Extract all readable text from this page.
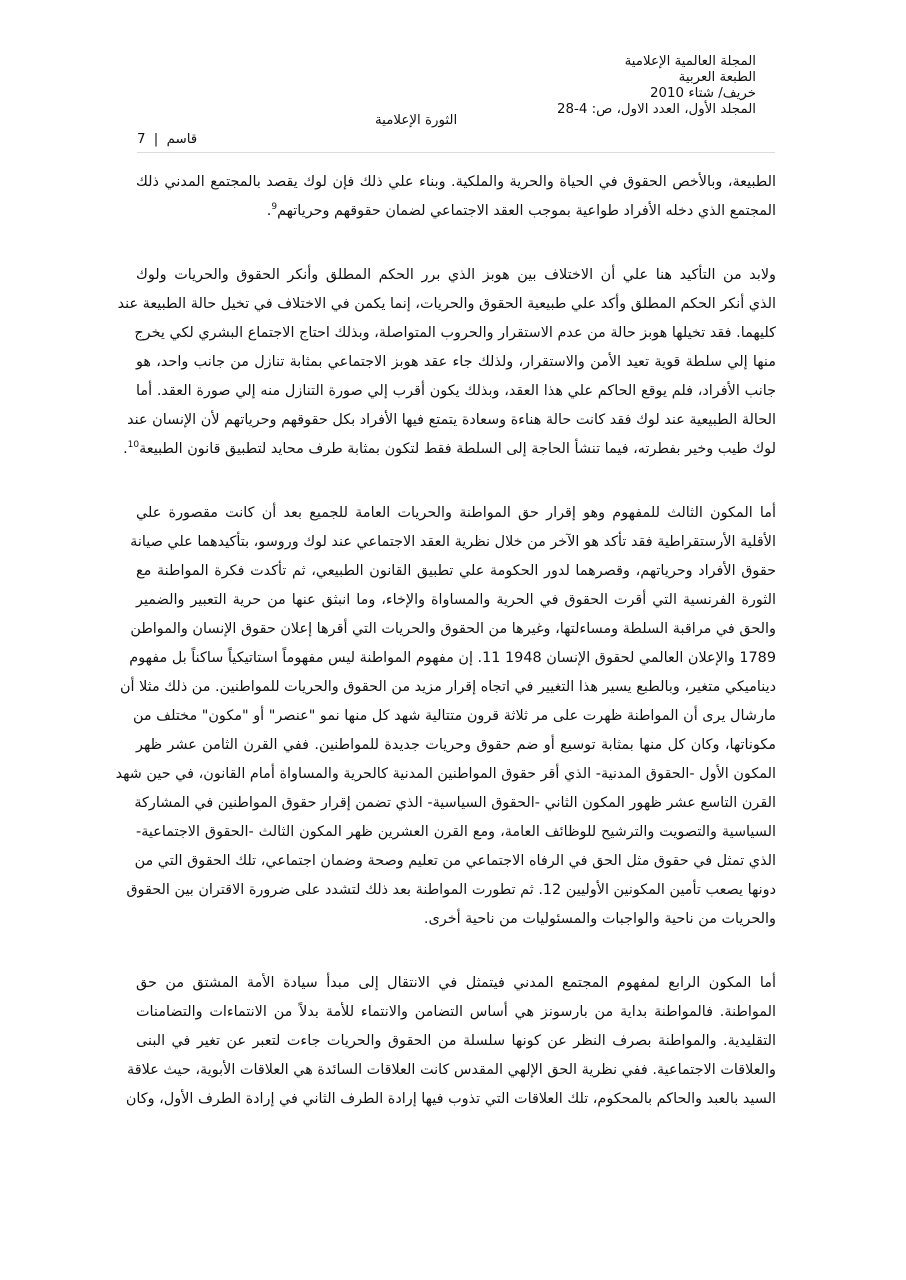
المجلة العالمية الإعلامية
الطبعة العربية
خريف/ شتاء 2010
المجلد الأول، العدد الاول، ص: 4-28
الثورة الإعلامية
قاسم | 7
الطبيعة، وبالأخص الحقوق في الحياة والحرية والملكية. وبناء علي ذلك فإن لوك يقصد بالمجتمع المدني ذلك
المجتمع الذي دخله الأفراد طواعية بموجب العقد الاجتماعي لضمان حقوقهم وحرياتهم$^9$.
ولابد من التأكيد هنا علي أن الاختلاف بين هوبز الذي برر الحكم المطلق وأنكر الحقوق والحريات ولوك
الذي أنكر الحكم المطلق وأكد علي طبيعية الحقوق والحريات، إنما يكمن في الاختلاف في تخيل حالة الطبيعة عند
كليهما. فقد تخيلها هوبز حالة من عدم الاستقرار والحروب المتواصلة، وبذلك احتاج الاجتماع البشري لكي يخرج
منها إلي سلطة قوية تعيد الأمن والاستقرار، ولذلك جاء عقد هوبز الاجتماعي بمثابة تنازل من جانب واحد، هو
جانب الأفراد، فلم يوقع الحاكم علي هذا العقد، وبذلك يكون أقرب إلي صورة التنازل منه إلي صورة العقد. أما
الحالة الطبيعية عند لوك فقد كانت حالة هناءة وسعادة يتمتع فيها الأفراد بكل حقوقهم وحرياتهم لأن الإنسان عند
لوك طيب وخير بفطرته، فيما تنشأ الحاجة إلى السلطة فقط لتكون بمثابة طرف محايد لتطبيق قانون الطبيعة$^{10}$.
أما المكون الثالث للمفهوم وهو إقرار حق المواطنة والحريات العامة للجميع بعد أن كانت مقصورة علي
الأقلية الأرستقراطية فقد تأكد هو الآخر من خلال نظرية العقد الاجتماعي عند لوك وروسو، بتأكيدهما علي صيانة
حقوق الأفراد وحرياتهم، وقصرهما لدور الحكومة علي تطبيق القانون الطبيعي، ثم تأكدت فكرة المواطنة مع
الثورة الفرنسية التي أقرت الحقوق في الحرية والمساواة والإخاء، وما انبثق عنها من حرية التعبير والضمير
والحق في مراقبة السلطة ومساءلتها، وغيرها من الحقوق والحريات التي أقرها إعلان حقوق الإنسان والمواطن
1789 والإعلان العالمي لحقوق الإنسان 1948 11. إن مفهوم المواطنة ليس مفهوماً استاتيكياً ساكناً بل مفهوم
ديناميكي متغير، وبالطبع يسير هذا التغيير في اتجاه إقرار مزيد من الحقوق والحريات للمواطنين. من ذلك مثلا أن
مارشال يرى أن المواطنة ظهرت على مر ثلاثة قرون متتالية شهد كل منها نمو "عنصر" أو "مكون" مختلف من
مكوناتها، وكان كل منها بمثابة توسيع أو ضم حقوق وحريات جديدة للمواطنين. ففي القرن الثامن عشر ظهر
المكون الأول -الحقوق المدنية- الذي أقر حقوق المواطنين المدنية كالحرية والمساواة أمام القانون، في حين شهد
القرن التاسع عشر ظهور المكون الثاني -الحقوق السياسية- الذي تضمن إقرار حقوق المواطنين في المشاركة
السياسية والتصويت والترشيح للوظائف العامة، ومع القرن العشرين ظهر المكون الثالث -الحقوق الاجتماعية-
الذي تمثل في حقوق مثل الحق في الرفاه الاجتماعي من تعليم وصحة وضمان اجتماعي، تلك الحقوق التي من
دونها يصعب تأمين المكونين الأوليين 12. ثم تطورت المواطنة بعد ذلك لتشدد على ضرورة الاقتران بين الحقوق
والحريات من ناحية والواجبات والمسئوليات من ناحية أخرى.
أما المكون الرابع لمفهوم المجتمع المدني فيتمثل في الانتقال إلى مبدأ سيادة الأمة المشتق من حق
المواطنة. فالمواطنة بداية من بارسونز هي أساس التضامن والانتماء للأمة بدلاً من الانتماءات والتضامنات
التقليدية. والمواطنة بصرف النظر عن كونها سلسلة من الحقوق والحريات جاءت لتعبر عن تغير في البنى
والعلاقات الاجتماعية. ففي نظرية الحق الإلهي المقدس كانت العلاقات السائدة هي العلاقات الأبوية، حيث علاقة
السيد بالعبد والحاكم بالمحكوم، تلك العلاقات التي تذوب فيها إرادة الطرف الثاني في إرادة الطرف الأول، وكان
